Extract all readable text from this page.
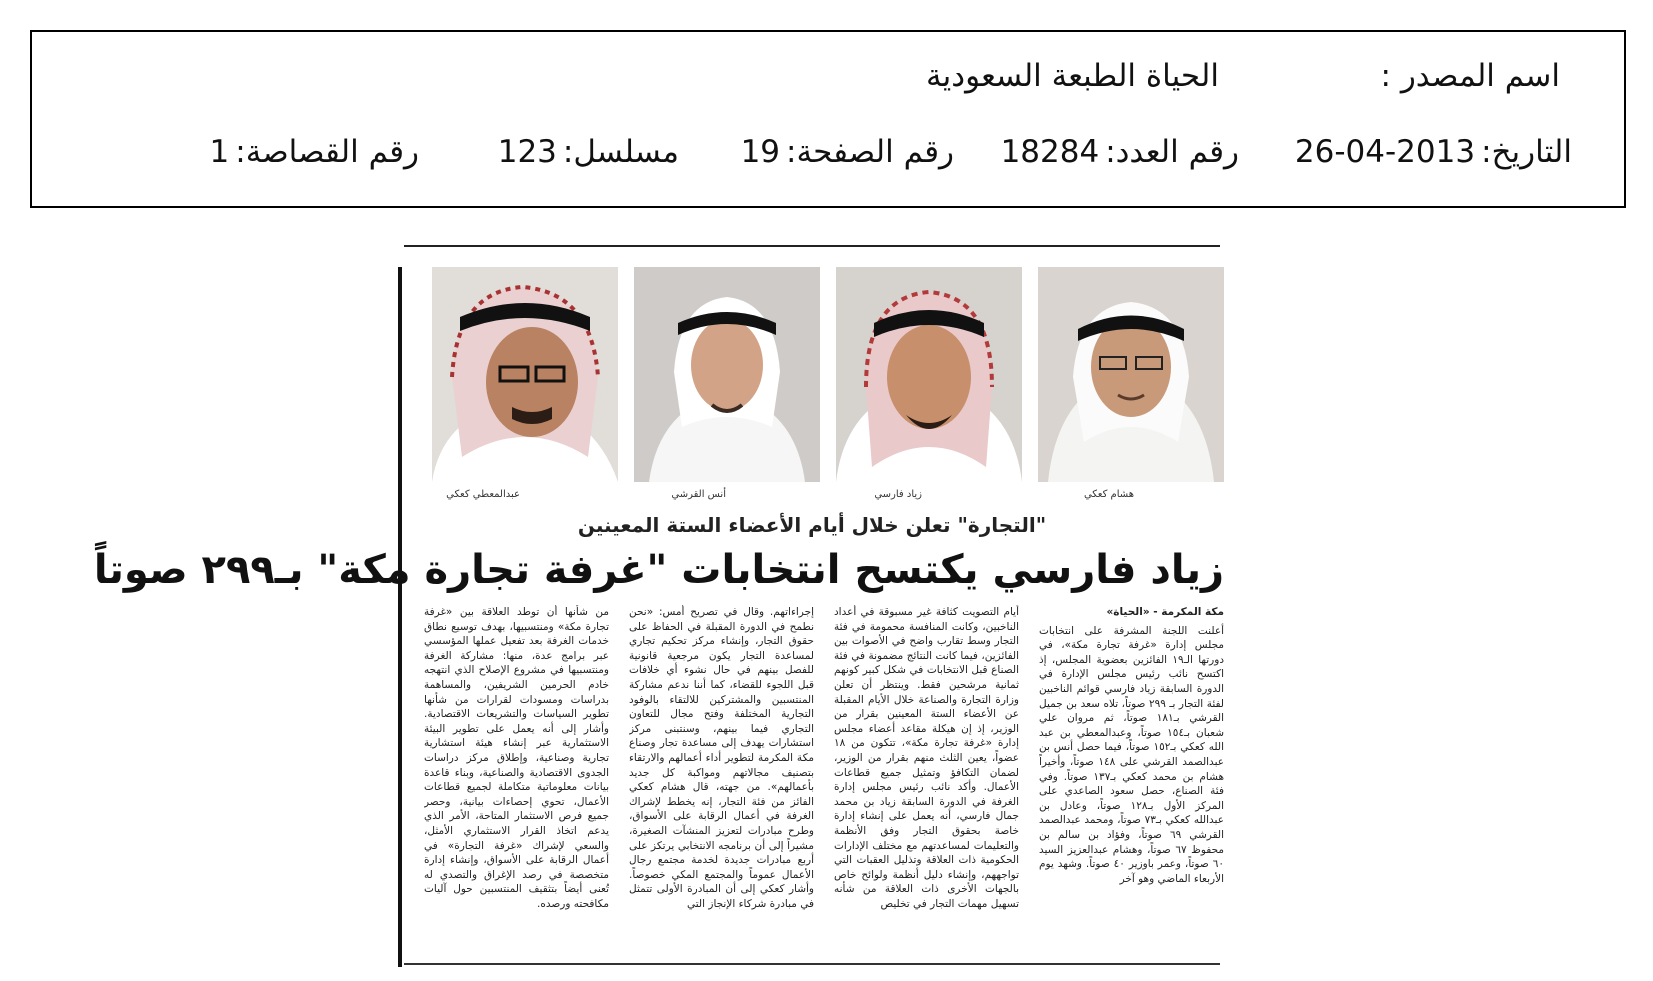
اسم المصدر :
الحياة الطبعة السعودية
التاريخ:2013-04-26
رقم العدد:18284
رقم الصفحة:19
مسلسل:123
رقم القصاصة:1
هشام كعكي
زياد فارسي
أنس القرشي
عبدالمعطي كعكي
"التجارة" تعلن خلال أيام الأعضاء الستة المعينين
زياد فارسي يكتسح انتخابات "غرفة تجارة مكة" بـ٢٩٩ صوتاً
مكة المكرمة - «الحياة»

أعلنت اللجنة المشرفة على انتخابات مجلس إدارة «غرفة تجارة مكة»، في دورتها الـ١٩ الفائزين بعضوية المجلس، إذ اكتسح نائب رئيس مجلس الإدارة في الدورة السابقة زياد فارسي قوائم الناخبين لفئة التجار بـ ٢٩٩ صوتاً، تلاه سعد بن جميل القرشي بـ١٨١ صوتاً، ثم مروان علي شعبان بـ١٥٤ صوتاً، وعبدالمعطي بن عبد الله كعكي بـ١٥٢ صوتاً، فيما حصل أنس بن عبدالصمد القرشي على ١٤٨ صوتاً، وأخيراً هشام بن محمد كعكي بـ١٣٧ صوتاً. وفي فئة الصناع، حصل سعود الصاعدي على المركز الأول بـ١٢٨ صوتاً، وعادل بن عبدالله كعكي بـ٧٣ صوتاً، ومحمد عبدالصمد القرشي ٦٩ صوتاً، وفؤاد بن سالم بن محفوظ ٦٧ صوتاً، وهشام عبدالعزيز السيد ٦٠ صوتاً، وعمر باوزير ٤٠ صوتاً. وشهد يوم الأربعاء الماضي وهو آخر

أيام التصويت كثافة غير مسبوقة في أعداد الناخبين، وكانت المنافسة محمومة في فئة التجار وسط تقارب واضح في الأصوات بين الفائزين، فيما كانت النتائج مضمونة في فئة الصناع قبل الانتخابات في شكل كبير كونهم ثمانية مرشحين فقط. وينتظر أن تعلن وزارة التجارة والصناعة خلال الأيام المقبلة عن الأعضاء الستة المعينين بقرار من الوزير، إذ إن هيكلة مقاعد أعضاء مجلس إدارة «غرفة تجارة مكة»، تتكون من ١٨ عضواً، يعين الثلث منهم بقرار من الوزير، لضمان التكافؤ وتمثيل جميع قطاعات الأعمال. وأكد نائب رئيس مجلس إدارة الغرفة في الدورة السابقة زياد بن محمد جمال فارسي، أنه يعمل على إنشاء إدارة خاصة بحقوق التجار وفق الأنظمة والتعليمات لمساعدتهم مع مختلف الإدارات الحكومية ذات العلاقة وتذليل العقبات التي تواجههم، وإنشاء دليل أنظمة ولوائح خاص بالجهات الأخرى ذات العلاقة من شأنه تسهيل مهمات التجار في تخليص

إجراءاتهم. وقال في تصريح أمس: «نحن نطمح في الدورة المقبلة في الحفاظ على حقوق التجار، وإنشاء مركز تحكيم تجاري لمساعدة التجار يكون مرجعية قانونية للفصل بينهم في حال نشوء أي خلافات قبل اللجوء للقضاء، كما أننا ندعم مشاركة المنتسبين والمشتركين للالتقاء بالوفود التجارية المختلفة وفتح مجال للتعاون التجاري فيما بينهم، وسنتبنى مركز استشارات يهدف إلى مساعدة تجار وصناع مكة المكرمة لتطوير أداء أعمالهم والارتقاء بتصنيف مجالاتهم ومواكبة كل جديد بأعمالهم». من جهته، قال هشام كعكي الفائز من فئة التجار، إنه يخطط لإشراك الغرفة في أعمال الرقابة على الأسواق، وطرح مبادرات لتعزيز المنشآت الصغيرة، مشيراً إلى أن برنامجه الانتخابي يرتكز على أربع مبادرات جديدة لخدمة مجتمع رجال الأعمال عموماً والمجتمع المكي خصوصاً. وأشار كعكي إلى أن المبادرة الأولى تتمثل في مبادرة شركاء الإنجاز التي

من شأنها أن توطد العلاقة بين «غرفة تجارة مكة» ومنتسبيها، بهدف توسيع نطاق خدمات الغرفة بعد تفعيل عملها المؤسسي عبر برامج عدة، منها: مشاركة الغرفة ومنتسبيها في مشروع الإصلاح الذي انتهجه خادم الحرمين الشريفين، والمساهمة بدراسات ومسودات لقرارات من شأنها تطوير السياسات والتشريعات الاقتصادية. وأشار إلى أنه يعمل على تطوير البيئة الاستثمارية عبر إنشاء هيئة استشارية تجارية وصناعية، وإطلاق مركز دراسات الجدوى الاقتصادية والصناعية، وبناء قاعدة بيانات معلوماتية متكاملة لجميع قطاعات الأعمال، تحوي إحصاءات بيانية، وحصر جميع فرص الاستثمار المتاحة، الأمر الذي يدعم اتخاذ القرار الاستثماري الأمثل، والسعي لإشراك «غرفة التجارة» في أعمال الرقابة على الأسواق، وإنشاء إدارة متخصصة في رصد الإغراق والتصدي له تُعنى أيضاً بتثقيف المنتسبين حول آليات مكافحته ورصده.
